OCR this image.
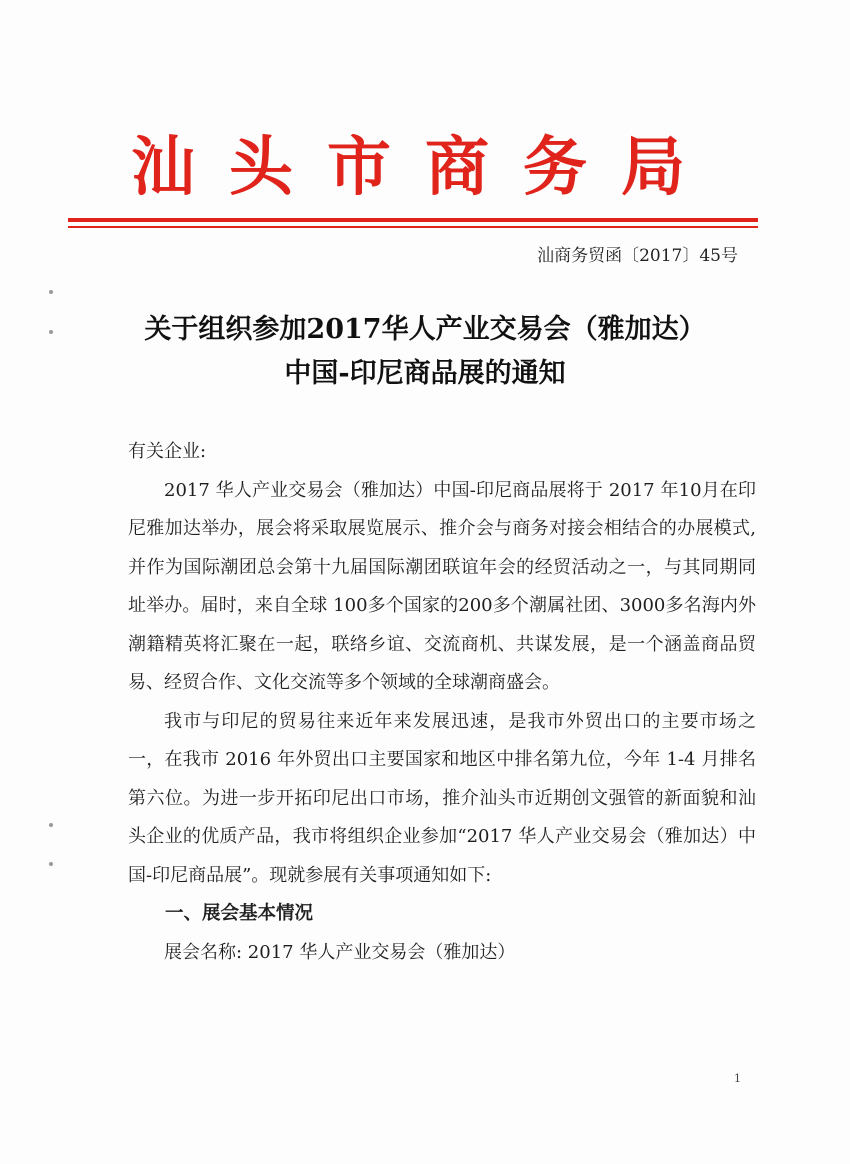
汕头市商务局
汕商务贸函〔2017〕45号
关于组织参加2017华人产业交易会（雅加达）
中国-印尼商品展的通知

有关企业:

2017 华人产业交易会（雅加达）中国-印尼商品展将于 2017 年10月在印尼雅加达举办，展会将采取展览展示、推介会与商务对接会相结合的办展模式,并作为国际潮团总会第十九届国际潮团联谊年会的经贸活动之一，与其同期同址举办。届时，来自全球 100多个国家的200多个潮属社团、3000多名海内外潮籍精英将汇聚在一起，联络乡谊、交流商机、共谋发展，是一个涵盖商品贸易、经贸合作、文化交流等多个领域的全球潮商盛会。

我市与印尼的贸易往来近年来发展迅速，是我市外贸出口的主要市场之一，在我市 2016 年外贸出口主要国家和地区中排名第九位，今年 1-4 月排名第六位。为进一步开拓印尼出口市场，推介汕头市近期创文强管的新面貌和汕头企业的优质产品，我市将组织企业参加“2017 华人产业交易会（雅加达）中国-印尼商品展”。现就参展有关事项通知如下:

一、展会基本情况

展会名称: 2017 华人产业交易会（雅加达）

1
